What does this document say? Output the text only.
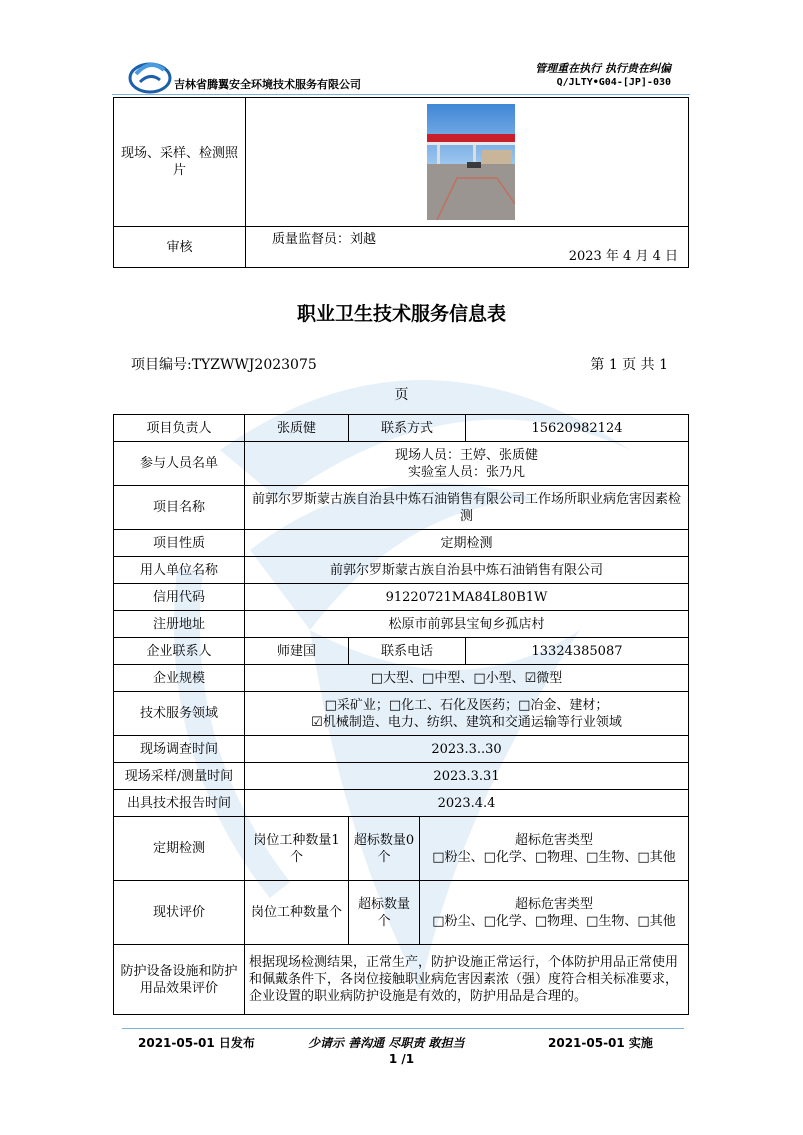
吉林省腾翼安全环境技术服务有限公司
管理重在执行 执行贵在纠偏
Q/JLTY•G04-[JP]-030
现场、采样、检测照片	

审核	质量监督员：刘越
2023 年 4 月 4 日
职业卫生技术服务信息表
项目编号:TYZWWJ2023075	第 1 页 共 1
页
项目负责人	张质健	联系方式		15620982124
参与人员名单	现场人员：王婷、张质健
实验室人员：张乃凡			

项目名称	前郭尔罗斯蒙古族自治县中炼石油销售有限公司工作场所职业病危害因素检测			
项目性质	定期检测			
用人单位名称	前郭尔罗斯蒙古族自治县中炼石油销售有限公司			
信用代码	91220721MA84L80B1W			
注册地址	松原市前郭县宝甸乡孤店村			
企业联系人	师建国	联系电话		13324385087
企业规模	□大型、□中型、□小型、☑微型			
技术服务领域	□采矿业；□化工、石化及医药；□冶金、建材；
☑机械制造、电力、纺织、建筑和交通运输等行业领域			

现场调查时间	2023.3..30			
现场采样/测量时间	2023.3.31			
出具技术报告时间	2023.4.4			
定期检测	岗位工种数量1 个	超标数量0 个	超标危害类型
□粉尘、□化学、□物理、□生物、□其他	

现状评价	岗位工种数量个	超标数量个	超标危害类型
□粉尘、□化学、□物理、□生物、□其他	

防护设备设施和防护用品效果评价	根据现场检测结果，正常生产，防护设施正常运行，个体防护用品正常使用和佩戴条件下，各岗位接触职业病危害因素浓（强）度符合相关标准要求，企业设置的职业病防护设施是有效的，防护用品是合理的。			
2021-05-01 日发布	少请示 善沟通 尽职责 敢担当	2021-05-01 实施
1 /1
